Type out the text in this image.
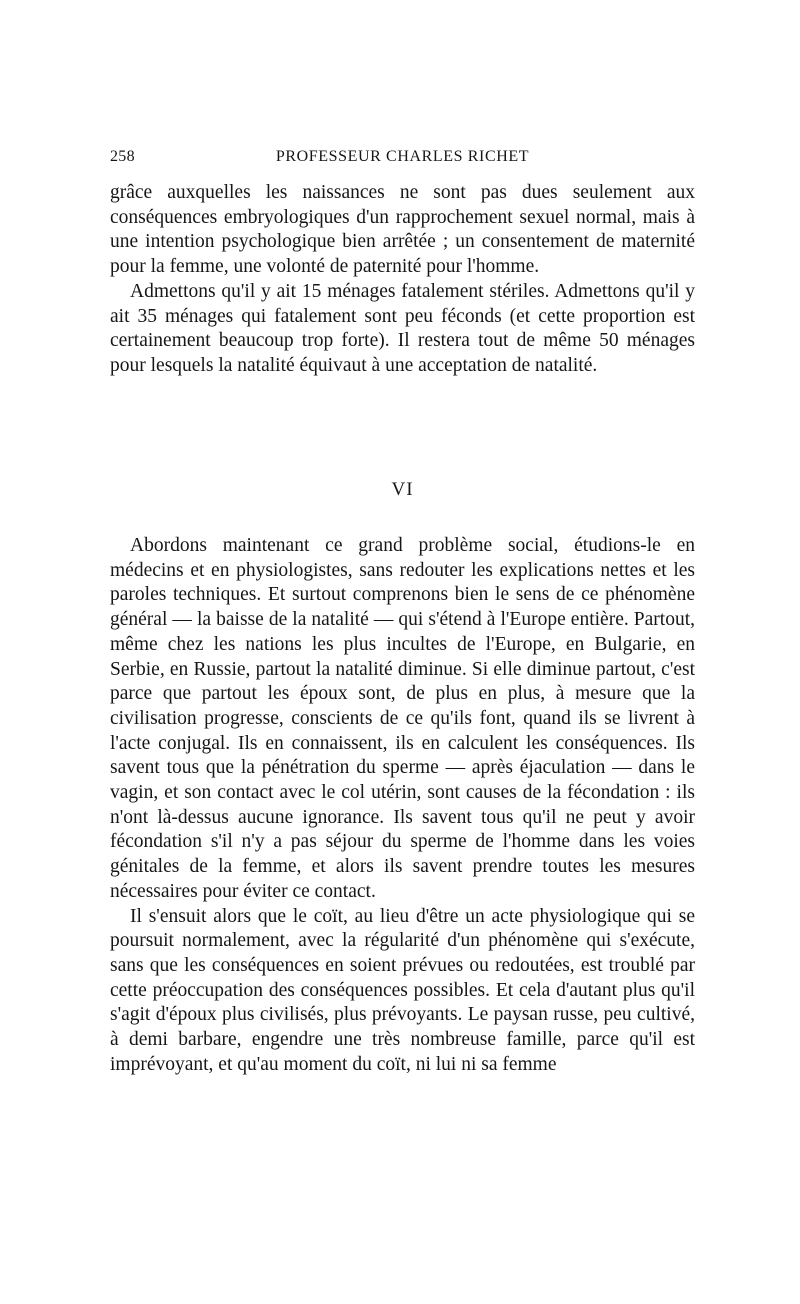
258	PROFESSEUR CHARLES RICHET

grâce auxquelles les naissances ne sont pas dues seulement aux conséquences embryologiques d'un rapprochement sexuel normal, mais à une intention psychologique bien arrêtée ; un consentement de maternité pour la femme, une volonté de paternité pour l'homme.

Admettons qu'il y ait 15 ménages fatalement stériles. Admettons qu'il y ait 35 ménages qui fatalement sont peu féconds (et cette proportion est certainement beaucoup trop forte). Il restera tout de même 50 ménages pour lesquels la natalité équivaut à une acceptation de natalité.

VI

Abordons maintenant ce grand problème social, étudions-le en médecins et en physiologistes, sans redouter les explications nettes et les paroles techniques. Et surtout comprenons bien le sens de ce phénomène général — la baisse de la natalité — qui s'étend à l'Europe entière. Partout, même chez les nations les plus incultes de l'Europe, en Bulgarie, en Serbie, en Russie, partout la natalité diminue. Si elle diminue partout, c'est parce que partout les époux sont, de plus en plus, à mesure que la civilisation progresse, conscients de ce qu'ils font, quand ils se livrent à l'acte conjugal. Ils en connaissent, ils en calculent les conséquences. Ils savent tous que la pénétration du sperme — après éjaculation — dans le vagin, et son contact avec le col utérin, sont causes de la fécondation : ils n'ont là-dessus aucune ignorance. Ils savent tous qu'il ne peut y avoir fécondation s'il n'y a pas séjour du sperme de l'homme dans les voies génitales de la femme, et alors ils savent prendre toutes les mesures nécessaires pour éviter ce contact.

Il s'ensuit alors que le coït, au lieu d'être un acte physiologique qui se poursuit normalement, avec la régularité d'un phénomène qui s'exécute, sans que les conséquences en soient prévues ou redoutées, est troublé par cette préoccupation des conséquences possibles. Et cela d'autant plus qu'il s'agit d'époux plus civilisés, plus prévoyants. Le paysan russe, peu cultivé, à demi barbare, engendre une très nombreuse famille, parce qu'il est imprévoyant, et qu'au moment du coït, ni lui ni sa femme
